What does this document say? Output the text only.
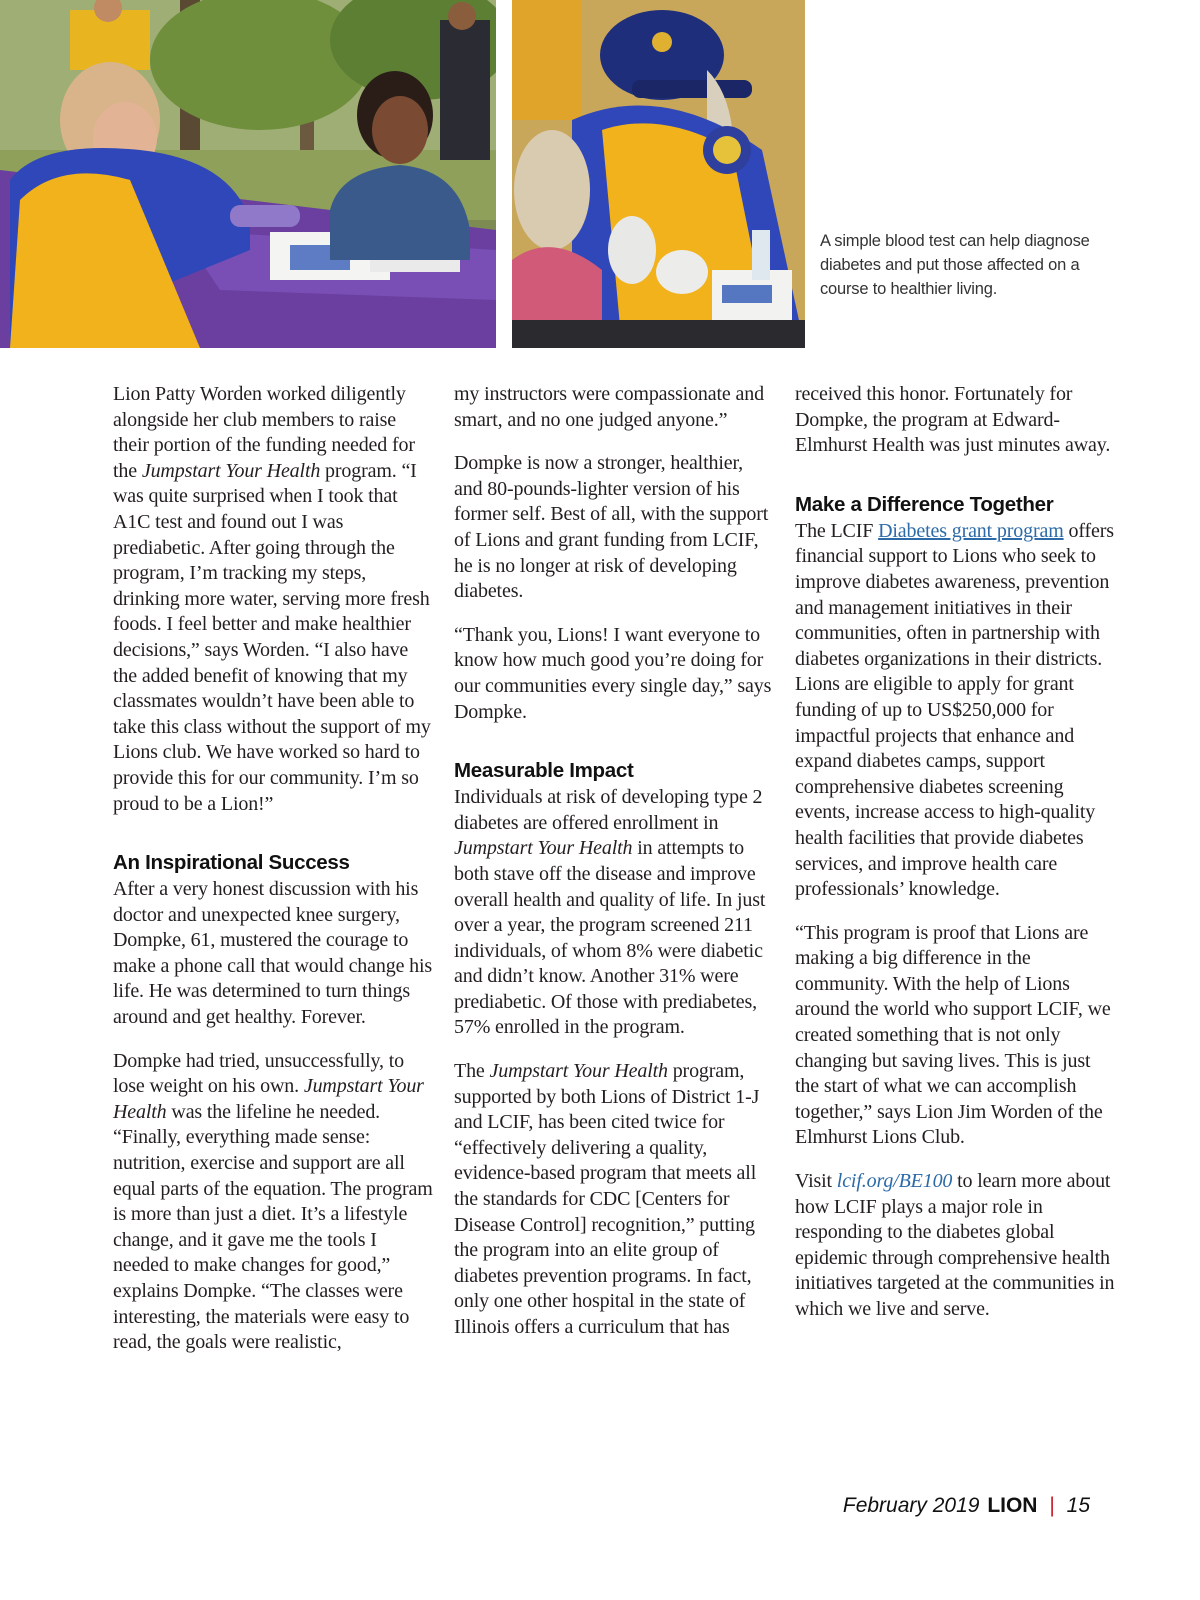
A simple blood test can help diagnose diabetes and put those affected on a course to healthier living.

Lion Patty Worden worked diligently alongside her club members to raise their portion of the funding needed for the Jumpstart Your Health program. “I was quite surprised when I took that A1C test and found out I was prediabetic. After going through the program, I’m tracking my steps, drinking more water, serving more fresh foods. I feel better and make healthier decisions,” says Worden. “I also have the added benefit of knowing that my classmates wouldn’t have been able to take this class without the support of my Lions club. We have worked so hard to provide this for our community. I’m so proud to be a Lion!”

An Inspirational Success

After a very honest discussion with his doctor and unexpected knee surgery, Dompke, 61, mustered the courage to make a phone call that would change his life. He was determined to turn things around and get healthy. Forever.

Dompke had tried, unsuccessfully, to lose weight on his own. Jumpstart Your Health was the lifeline he needed. “Finally, everything made sense: nutrition, exercise and support are all equal parts of the equation. The program is more than just a diet. It’s a lifestyle change, and it gave me the tools I needed to make changes for good,” explains Dompke. “The classes were interesting, the materials were easy to read, the goals were realistic,

my instructors were compassionate and smart, and no one judged anyone.”

Dompke is now a stronger, healthier, and 80-pounds-lighter version of his former self. Best of all, with the support of Lions and grant funding from LCIF, he is no longer at risk of developing diabetes.

“Thank you, Lions! I want everyone to know how much good you’re doing for our communities every single day,” says Dompke.

Measurable Impact

Individuals at risk of developing type 2 diabetes are offered enrollment in Jumpstart Your Health in attempts to both stave off the disease and improve overall health and quality of life. In just over a year, the program screened 211 individuals, of whom 8% were diabetic and didn’t know. Another 31% were prediabetic. Of those with prediabetes, 57% enrolled in the program.

The Jumpstart Your Health program, supported by both Lions of District 1-J and LCIF, has been cited twice for “effectively delivering a quality, evidence-based program that meets all the standards for CDC [Centers for Disease Control] recognition,” putting the program into an elite group of diabetes prevention programs. In fact, only one other hospital in the state of Illinois offers a curriculum that has

received this honor. Fortunately for Dompke, the program at Edward-Elmhurst Health was just minutes away.

Make a Difference Together

The LCIF Diabetes grant program offers financial support to Lions who seek to improve diabetes awareness, prevention and management initiatives in their communities, often in partnership with diabetes organizations in their districts. Lions are eligible to apply for grant funding of up to US$250,000 for impactful projects that enhance and expand diabetes camps, support comprehensive diabetes screening events, increase access to high-quality health facilities that provide diabetes services, and improve health care professionals’ knowledge.

“This program is proof that Lions are making a big difference in the community. With the help of Lions around the world who support LCIF, we created something that is not only changing but saving lives. This is just the start of what we can accomplish together,” says Lion Jim Worden of the Elmhurst Lions Club.

Visit lcif.org/BE100 to learn more about how LCIF plays a major role in responding to the diabetes global epidemic through comprehensive health initiatives targeted at the communities in which we live and serve.

February 2019 LION | 15
